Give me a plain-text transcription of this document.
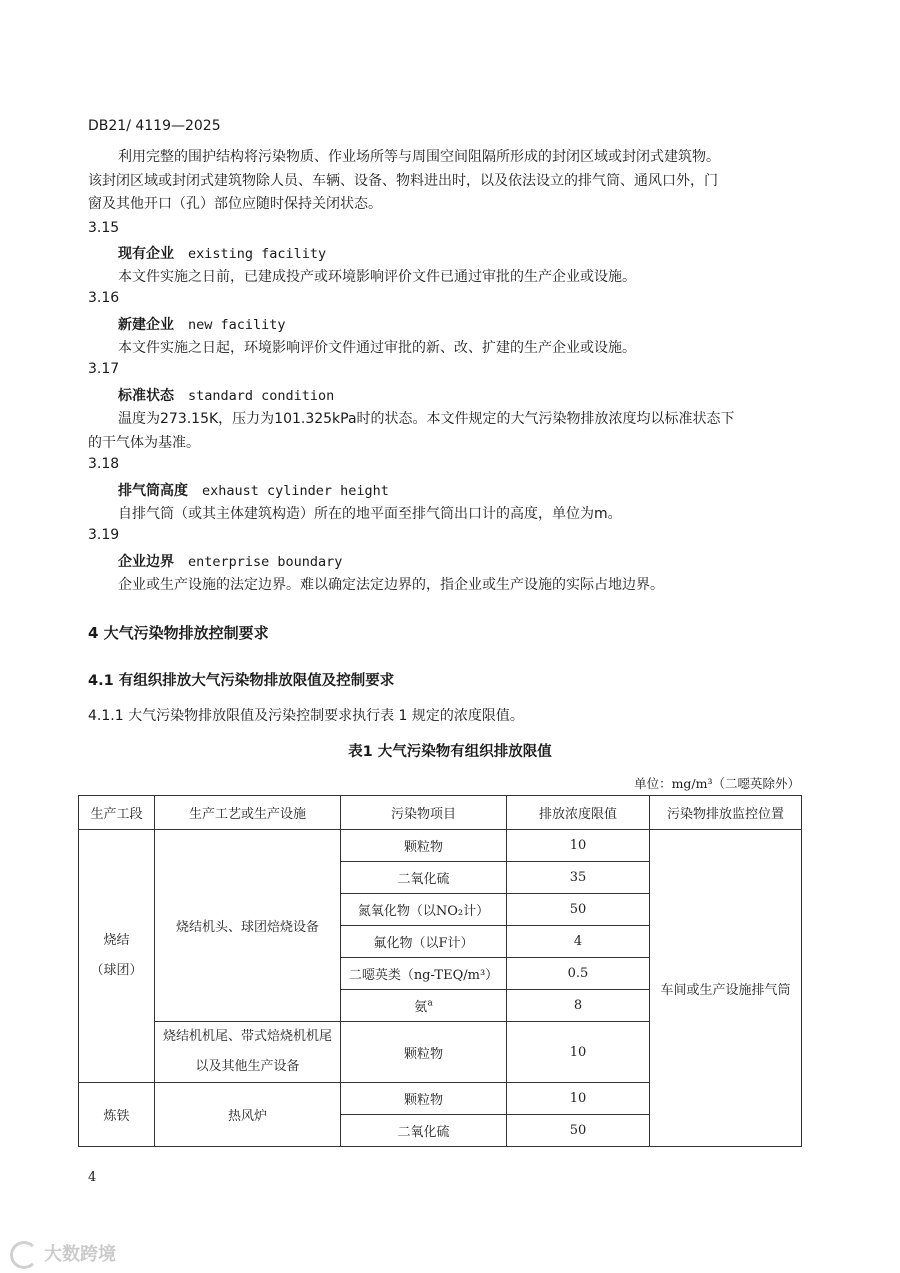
DB21/ 4119—2025
利用完整的围护结构将污染物质、作业场所等与周围空间阻隔所形成的封闭区域或封闭式建筑物。
该封闭区域或封闭式建筑物除人员、车辆、设备、物料进出时，以及依法设立的排气筒、通风口外，门
窗及其他开口（孔）部位应随时保持关闭状态。
3.15
现有企业 existing facility
本文件实施之日前，已建成投产或环境影响评价文件已通过审批的生产企业或设施。
3.16
新建企业 new facility
本文件实施之日起，环境影响评价文件通过审批的新、改、扩建的生产企业或设施。
3.17
标准状态 standard condition
温度为273.15K，压力为101.325kPa时的状态。本文件规定的大气污染物排放浓度均以标准状态下
的干气体为基准。
3.18
排气筒高度 exhaust cylinder height
自排气筒（或其主体建筑构造）所在的地平面至排气筒出口计的高度，单位为m。
3.19
企业边界 enterprise boundary
企业或生产设施的法定边界。难以确定法定边界的，指企业或生产设施的实际占地边界。
4 大气污染物排放控制要求
4.1 有组织排放大气污染物排放限值及控制要求
4.1.1 大气污染物排放限值及污染控制要求执行表 1 规定的浓度限值。
表1 大气污染物有组织排放限值
单位：mg/m³（二噁英除外）
生产工段	生产工艺或生产设施	污染物项目	排放浓度限值	污染物排放监控位置

烧结
（球团）	烧结机头、球团焙烧设备	颗粒物	10	车间或生产设施排气筒
		二氧化硫	35	
		氮氧化物（以NO₂计）	50	
		氟化物（以F计）	4	
		二噁英类（ng-TEQ/m³）	0.5	
		氨$^a$	8	

	烧结机机尾、带式焙烧机机尾
以及其他生产设备	颗粒物	10	
炼铁	热风炉	颗粒物	10	
		二氧化硫	50	
4
大数跨境
